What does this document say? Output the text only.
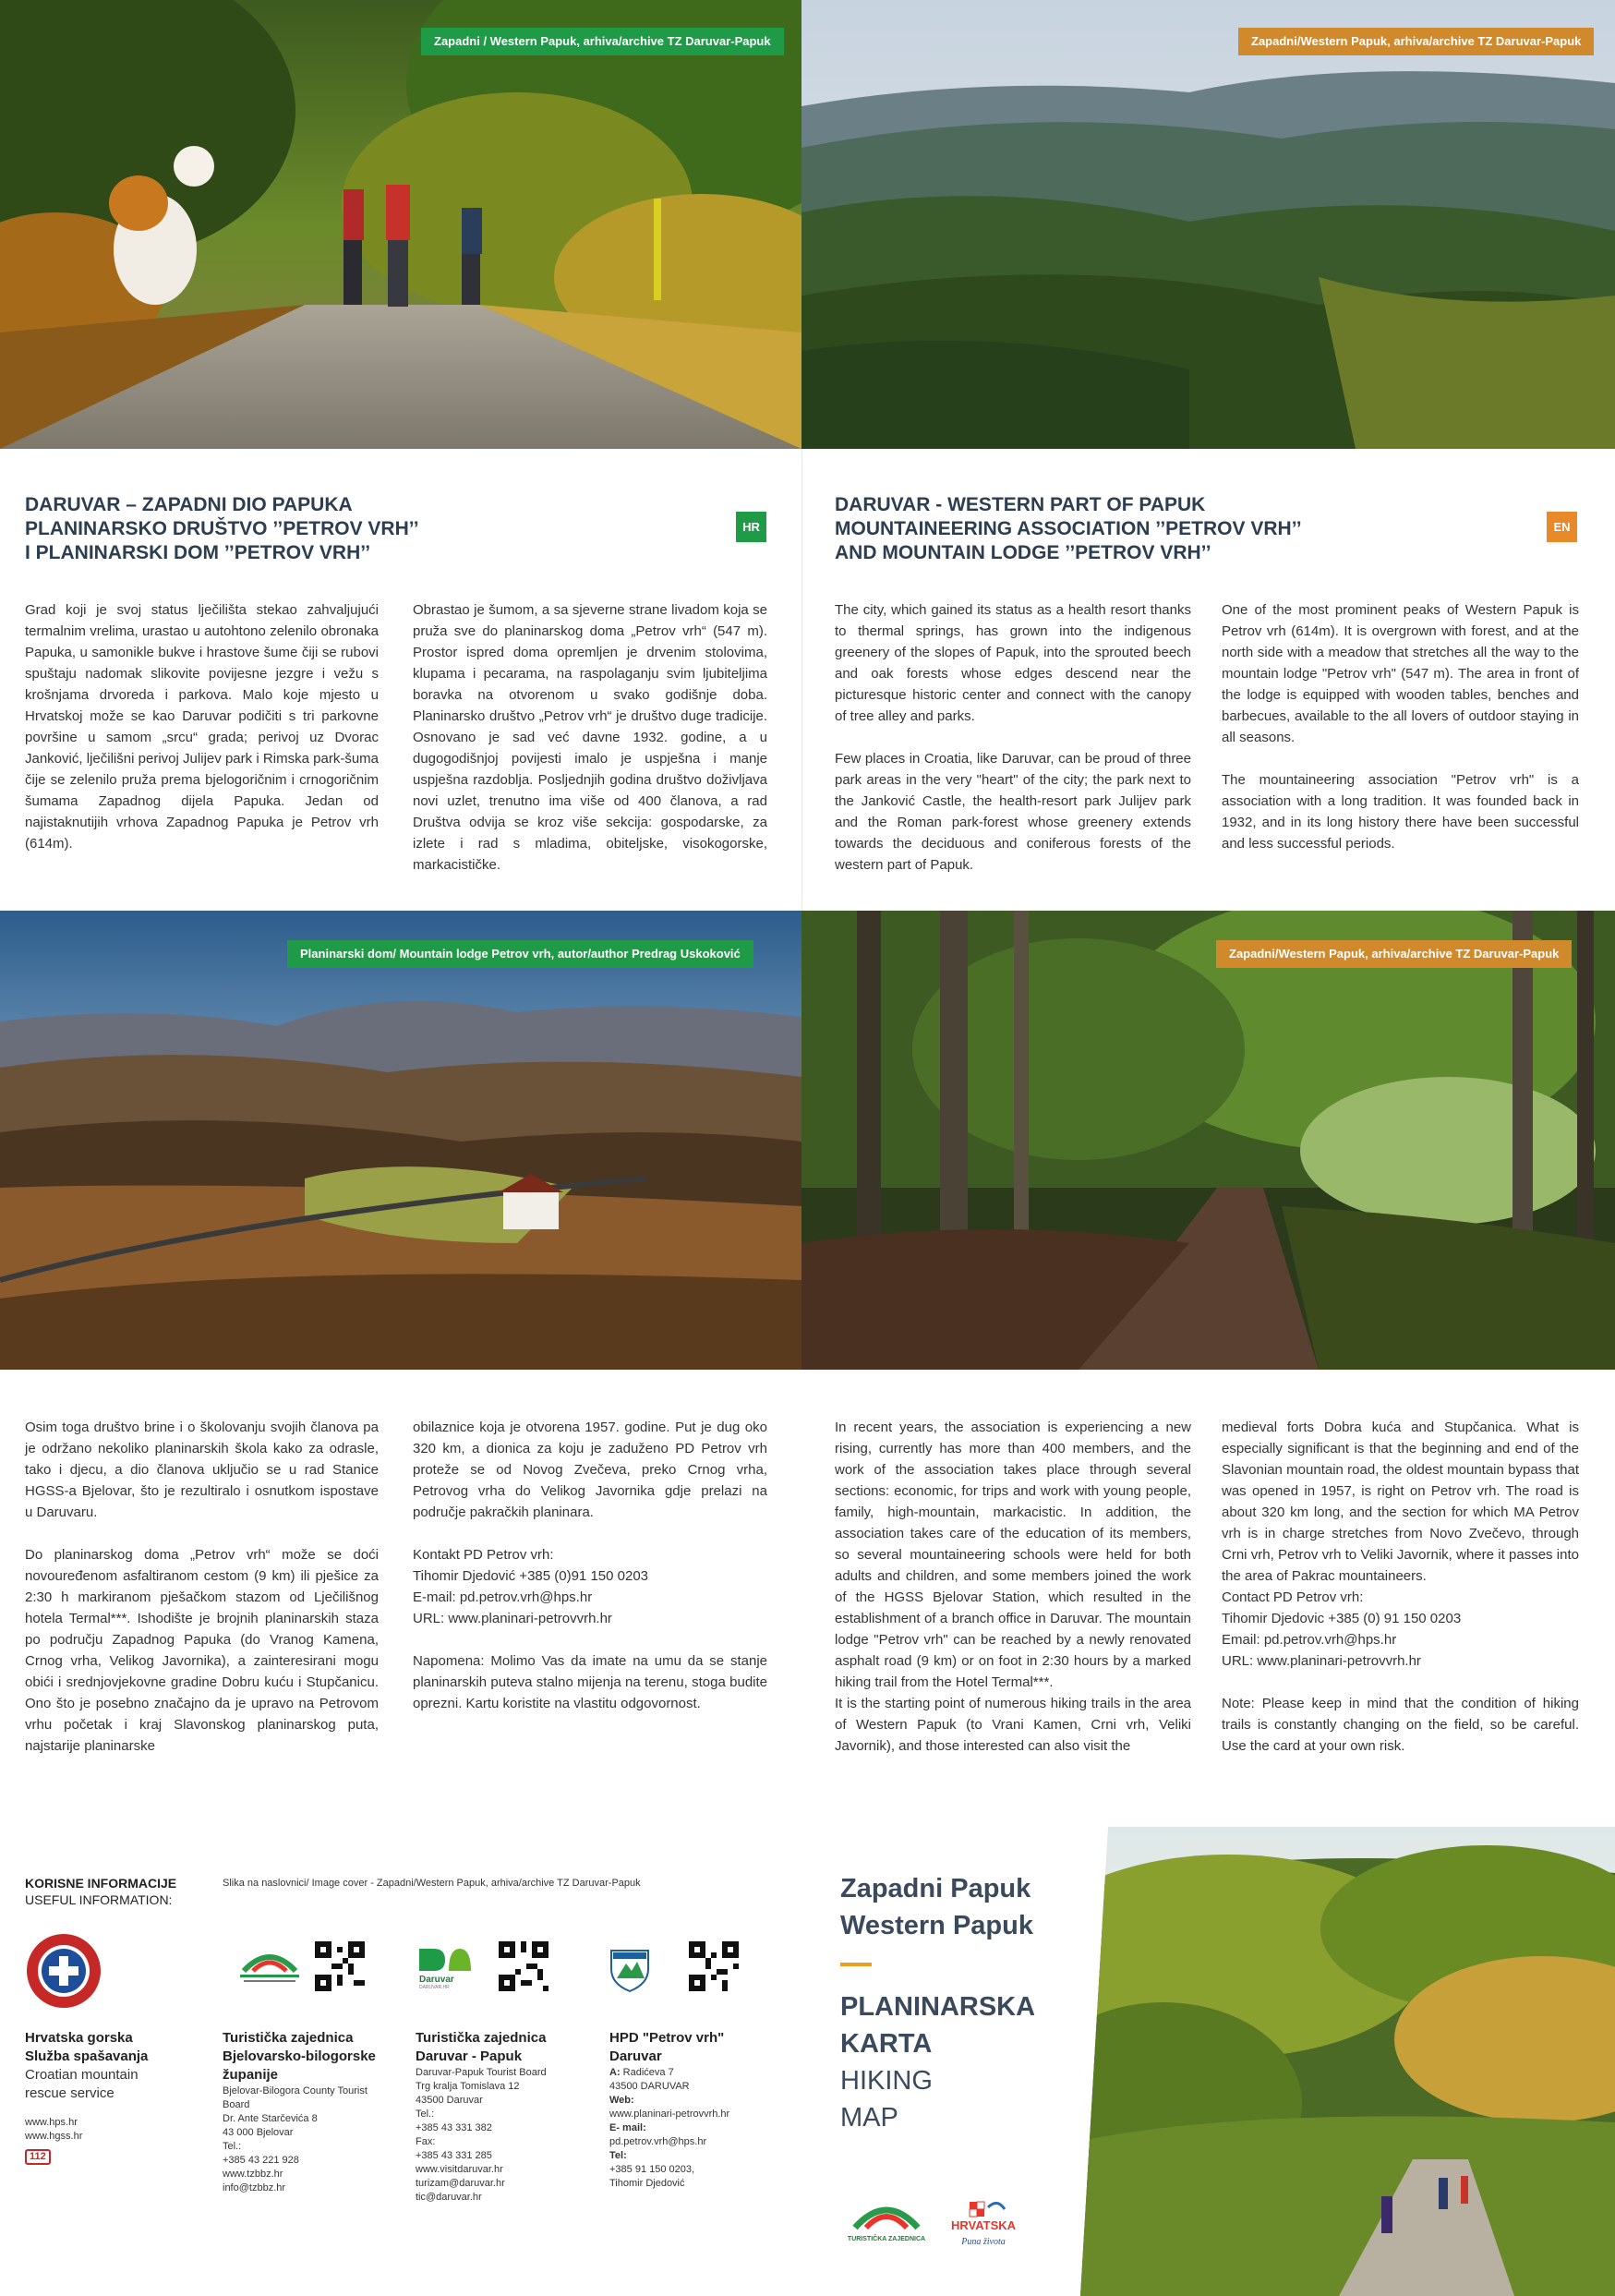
Zapadni / Western Papuk, arhiva/archive TZ Daruvar-Papuk	Zapadni/Western Papuk, arhiva/archive TZ Daruvar-Papuk
DARUVAR – ZAPADNI DIO PAPUKA
PLANINARSKO DRUŠTVO ’’PETROV VRH’’
I PLANINARSKI DOM ’’PETROV VRH’’
HR
DARUVAR - WESTERN PART OF PAPUK
MOUNTAINEERING ASSOCIATION ’’PETROV VRH’’
AND MOUNTAIN LODGE ’’PETROV VRH’’
EN

Grad koji je svoj status lječilišta stekao zahvaljujući termalnim vrelima, urastao u autohtono zelenilo obronaka Papuka, u samonikle bukve i hrastove šume čiji se rubovi spuštaju nadomak slikovite povijesne jezgre i vežu s krošnjama drvoreda i parkova. Malo koje mjesto u Hrvatskoj može se kao Daruvar podičiti s tri parkovne površine u samom „srcu“ grada; perivoj uz Dvorac Janković, lječilišni perivoj Julijev park i Rimska park-šuma čije se zelenilo pruža prema bjelogoričnim i crnogoričnim šumama Zapadnog dijela Papuka. Jedan od najistaknutijih vrhova Zapadnog Papuka je Petrov vrh (614m).

Obrastao je šumom, a sa sjeverne strane livadom koja se pruža sve do planinarskog doma „Petrov vrh“ (547 m). Prostor ispred doma opremljen je drvenim stolovima, klupama i pecarama, na raspolaganju svim ljubiteljima boravka na otvorenom u svako godišnje doba. Planinarsko društvo „Petrov vrh“ je društvo duge tradicije. Osnovano je sad već davne 1932. godine, a u dugogodišnjoj povijesti imalo je uspješna i manje uspješna razdoblja. Posljednjih godina društvo doživljava novi uzlet, trenutno ima više od 400 članova, a rad Društva odvija se kroz više sekcija: gospodarske, za izlete i rad s mladima, obiteljske, visokogorske, markacističke.

The city, which gained its status as a health resort thanks to thermal springs, has grown into the indigenous greenery of the slopes of Papuk, into the sprouted beech and oak forests whose edges descend near the picturesque historic center and connect with the canopy of tree alley and parks.

Few places in Croatia, like Daruvar, can be proud of three park areas in the very "heart" of the city; the park next to the Janković Castle, the health-resort park Julijev park and the Roman park-forest whose greenery extends towards the deciduous and coniferous forests of the western part of Papuk.

One of the most prominent peaks of Western Papuk is Petrov vrh (614m). It is overgrown with forest, and at the north side with a meadow that stretches all the way to the mountain lodge "Petrov vrh" (547 m). The area in front of the lodge is equipped with wooden tables, benches and barbecues, available to the all lovers of outdoor staying in all seasons.

The mountaineering association "Petrov vrh" is a association with a long tradition. It was founded back in 1932, and in its long history there have been successful and less successful periods.

Planinarski dom/ Mountain lodge Petrov vrh, autor/author Predrag Uskoković	Zapadni/Western Papuk, arhiva/archive TZ Daruvar-Papuk

Osim toga društvo brine i o školovanju svojih članova pa je održano nekoliko planinarskih škola kako za odrasle, tako i djecu, a dio članova uključio se u rad Stanice HGSS-a Bjelovar, što je rezultiralo i osnutkom ispostave u Daruvaru.

Do planinarskog doma „Petrov vrh“ može se doći novouređenom asfaltiranom cestom (9 km) ili pješice za 2:30 h markiranom pješačkom stazom od Lječilišnog hotela Termal***. Ishodište je brojnih planinarskih staza po području Zapadnog Papuka (do Vranog Kamena, Crnog vrha, Velikog Javornika), a zainteresirani mogu obići i srednjovjekovne gradine Dobru kuću i Stupčanicu. Ono što je posebno značajno da je upravo na Petrovom vrhu početak i kraj Slavonskog planinarskog puta, najstarije planinarske

obilaznice koja je otvorena 1957. godine. Put je dug oko 320 km, a dionica za koju je zaduženo PD Petrov vrh proteže se od Novog Zvečeva, preko Crnog vrha, Petrovog vrha do Velikog Javornika gdje prelazi na područje pakračkih planinara.

Kontakt PD Petrov vrh:
Tihomir Djedović +385 (0)91 150 0203
E-mail: pd.petrov.vrh@hps.hr
URL: www.planinari-petrovvrh.hr

Napomena: Molimo Vas da imate na umu da se stanje planinarskih puteva stalno mijenja na terenu, stoga budite oprezni. Kartu koristite na vlastitu odgovornost.

In recent years, the association is experiencing a new rising, currently has more than 400 members, and the work of the association takes place through several sections: economic, for trips and work with young people, family, high-mountain, markacistic. In addition, the association takes care of the education of its members, so several mountaineering schools were held for both adults and children, and some members joined the work of the HGSS Bjelovar Station, which resulted in the establishment of a branch office in Daruvar. The mountain lodge "Petrov vrh" can be reached by a newly renovated asphalt road (9 km) or on foot in 2:30 hours by a marked hiking trail from the Hotel Termal***.

It is the starting point of numerous hiking trails in the area of Western Papuk (to Vrani Kamen, Crni vrh, Veliki Javornik), and those interested can also visit the

medieval forts Dobra kuća and Stupčanica. What is especially significant is that the beginning and end of the Slavonian mountain road, the oldest mountain bypass that was opened in 1957, is right on Petrov vrh. The road is about 320 km long, and the section for which MA Petrov vrh is in charge stretches from Novo Zvečevo, through Crni vrh, Petrov vrh to Veliki Javornik, where it passes into the area of Pakrac mountaineers.

Contact PD Petrov vrh:
Tihomir Djedovic +385 (0) 91 150 0203
Email: pd.petrov.vrh@hps.hr
URL: www.planinari-petrovvrh.hr

Note: Please keep in mind that the condition of hiking trails is constantly changing on the field, so be careful. Use the card at your own risk.

KORISNE INFORMACIJE
USEFUL INFORMATION:
Slika na naslovnici/ Image cover - Zapadni/Western Papuk, arhiva/archive TZ Daruvar-Papuk
Daruvar
DARUVAR.HR
Hrvatska gorska
Služba spašavanja
Croatian mountain
rescue service
www.hps.hr
www.hgss.hr
112
Turistička zajednica
Bjelovarsko-bilogorske
županije
Bjelovar-Bilogora County Tourist
Board
Dr. Ante Starčevića 8
43 000 Bjelovar
Tel.:
+385 43 221 928
www.tzbbz.hr
info@tzbbz.hr
Turistička zajednica
Daruvar - Papuk
Daruvar-Papuk Tourist Board
Trg kralja Tomislava 12
43500 Daruvar
Tel.:
+385 43 331 382
Fax:
+385 43 331 285
www.visitdaruvar.hr
turizam@daruvar.hr
tic@daruvar.hr
HPD "Petrov vrh"
Daruvar
A: Radićeva 7
43500 DARUVAR
Web:
www.planinari-petrovvrh.hr
E- mail:
pd.petrov.vrh@hps.hr
Tel:
+385 91 150 0203,
Tihomir Djedović
Zapadni Papuk
Western Papuk
PLANINARSKA
KARTA
HIKING
MAP
TURISTIČKA ZAJEDNICA
HRVATSKA
Puna života
